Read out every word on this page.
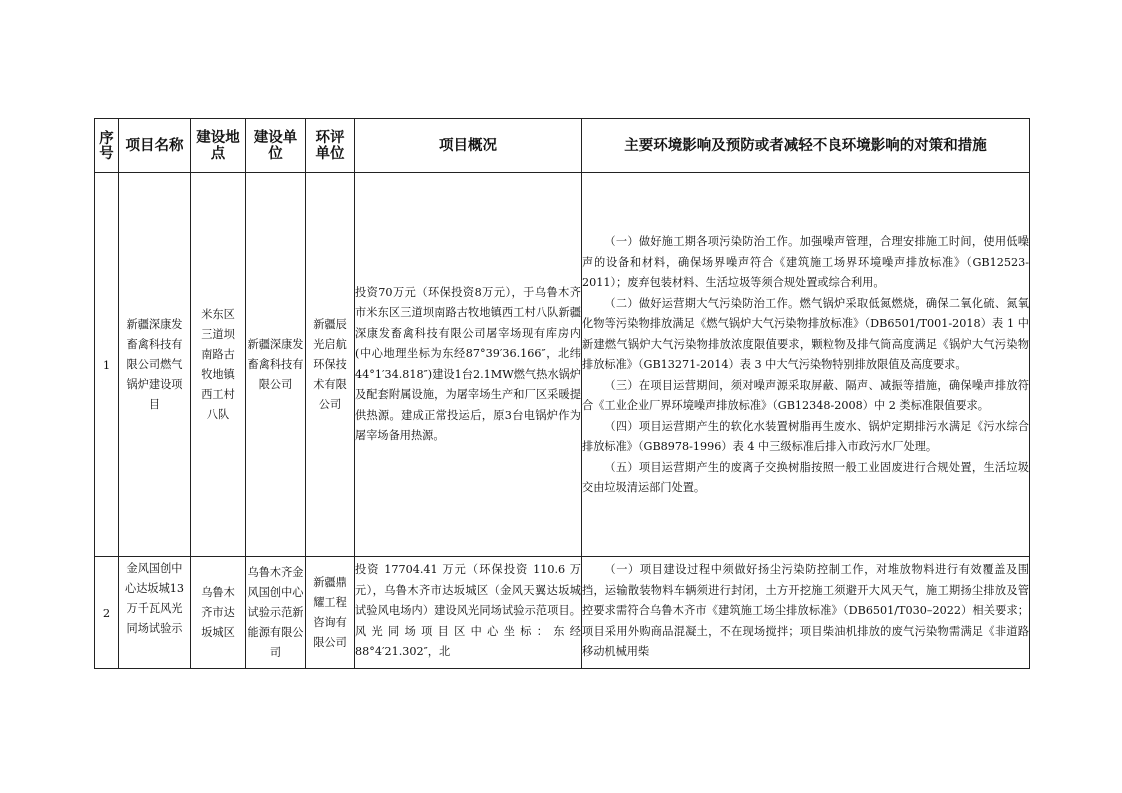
序号	项目名称	建设地点	建设单位	环评单位	项目概况	主要环境影响及预防或者减轻不良环境影响的对策和措施
1	新疆深康发畜禽科技有限公司燃气锅炉建设项目	米东区三道坝南路古牧地镇西工村八队	新疆深康发畜禽科技有限公司	新疆辰光启航环保技术有限公司	投资70万元（环保投资8万元），于乌鲁木齐市米东区三道坝南路古牧地镇西工村八队新疆深康发畜禽科技有限公司屠宰场现有库房内(中心地理坐标为东经87°39′36.166″，北纬44°1′34.818″)建设1台2.1MW燃气热水锅炉及配套附属设施，为屠宰场生产和厂区采暖提供热源。建成正常投运后，原3台电锅炉作为屠宰场备用热源。	（一）做好施工期各项污染防治工作。加强噪声管理，合理安排施工时间，使用低噪声的设备和材料，确保场界噪声符合《建筑施工场界环境噪声排放标准》（GB12523-2011）；废弃包装材料、生活垃圾等须合规处置或综合利用。

（二）做好运营期大气污染防治工作。燃气锅炉采取低氮燃烧，确保二氧化硫、氮氧化物等污染物排放满足《燃气锅炉大气污染物排放标准》（DB6501/T001-2018）表 1 中新建燃气锅炉大气污染物排放浓度限值要求，颗粒物及排气筒高度满足《锅炉大气污染物排放标准》（GB13271-2014）表 3 中大气污染物特别排放限值及高度要求。

（三）在项目运营期间，须对噪声源采取屏蔽、隔声、减振等措施，确保噪声排放符合《工业企业厂界环境噪声排放标准》（GB12348-2008）中 2 类标准限值要求。

（四）项目运营期产生的软化水装置树脂再生废水、锅炉定期排污水满足《污水综合排放标准》（GB8978-1996）表 4 中三级标准后排入市政污水厂处理。

（五）项目运营期产生的废离子交换树脂按照一般工业固废进行合规处置，生活垃圾交由垃圾清运部门处置。

2	金风国创中心达坂城13万千瓦风光同场试验示	乌鲁木齐市达坂城区	乌鲁木齐金风国创中心试验示范新能源有限公司	新疆鼎耀工程咨询有限公司	投资 17704.41 万元（环保投资 110.6 万元），乌鲁木齐市达坂城区（金风天翼达坂城试验风电场内）建设风光同场试验示范项目。风光同场项目区中心坐标：东经 88°4′21.302″，北	（一）项目建设过程中须做好扬尘污染防控制工作，对堆放物料进行有效覆盖及围挡，运输散装物料车辆须进行封闭，土方开挖施工须避开大风天气，施工期扬尘排放及管控要求需符合乌鲁木齐市《建筑施工场尘排放标准》（DB6501/T030–2022）相关要求；项目采用外购商品混凝土，不在现场搅拌；项目柴油机排放的废气污染物需满足《非道路移动机械用柴
